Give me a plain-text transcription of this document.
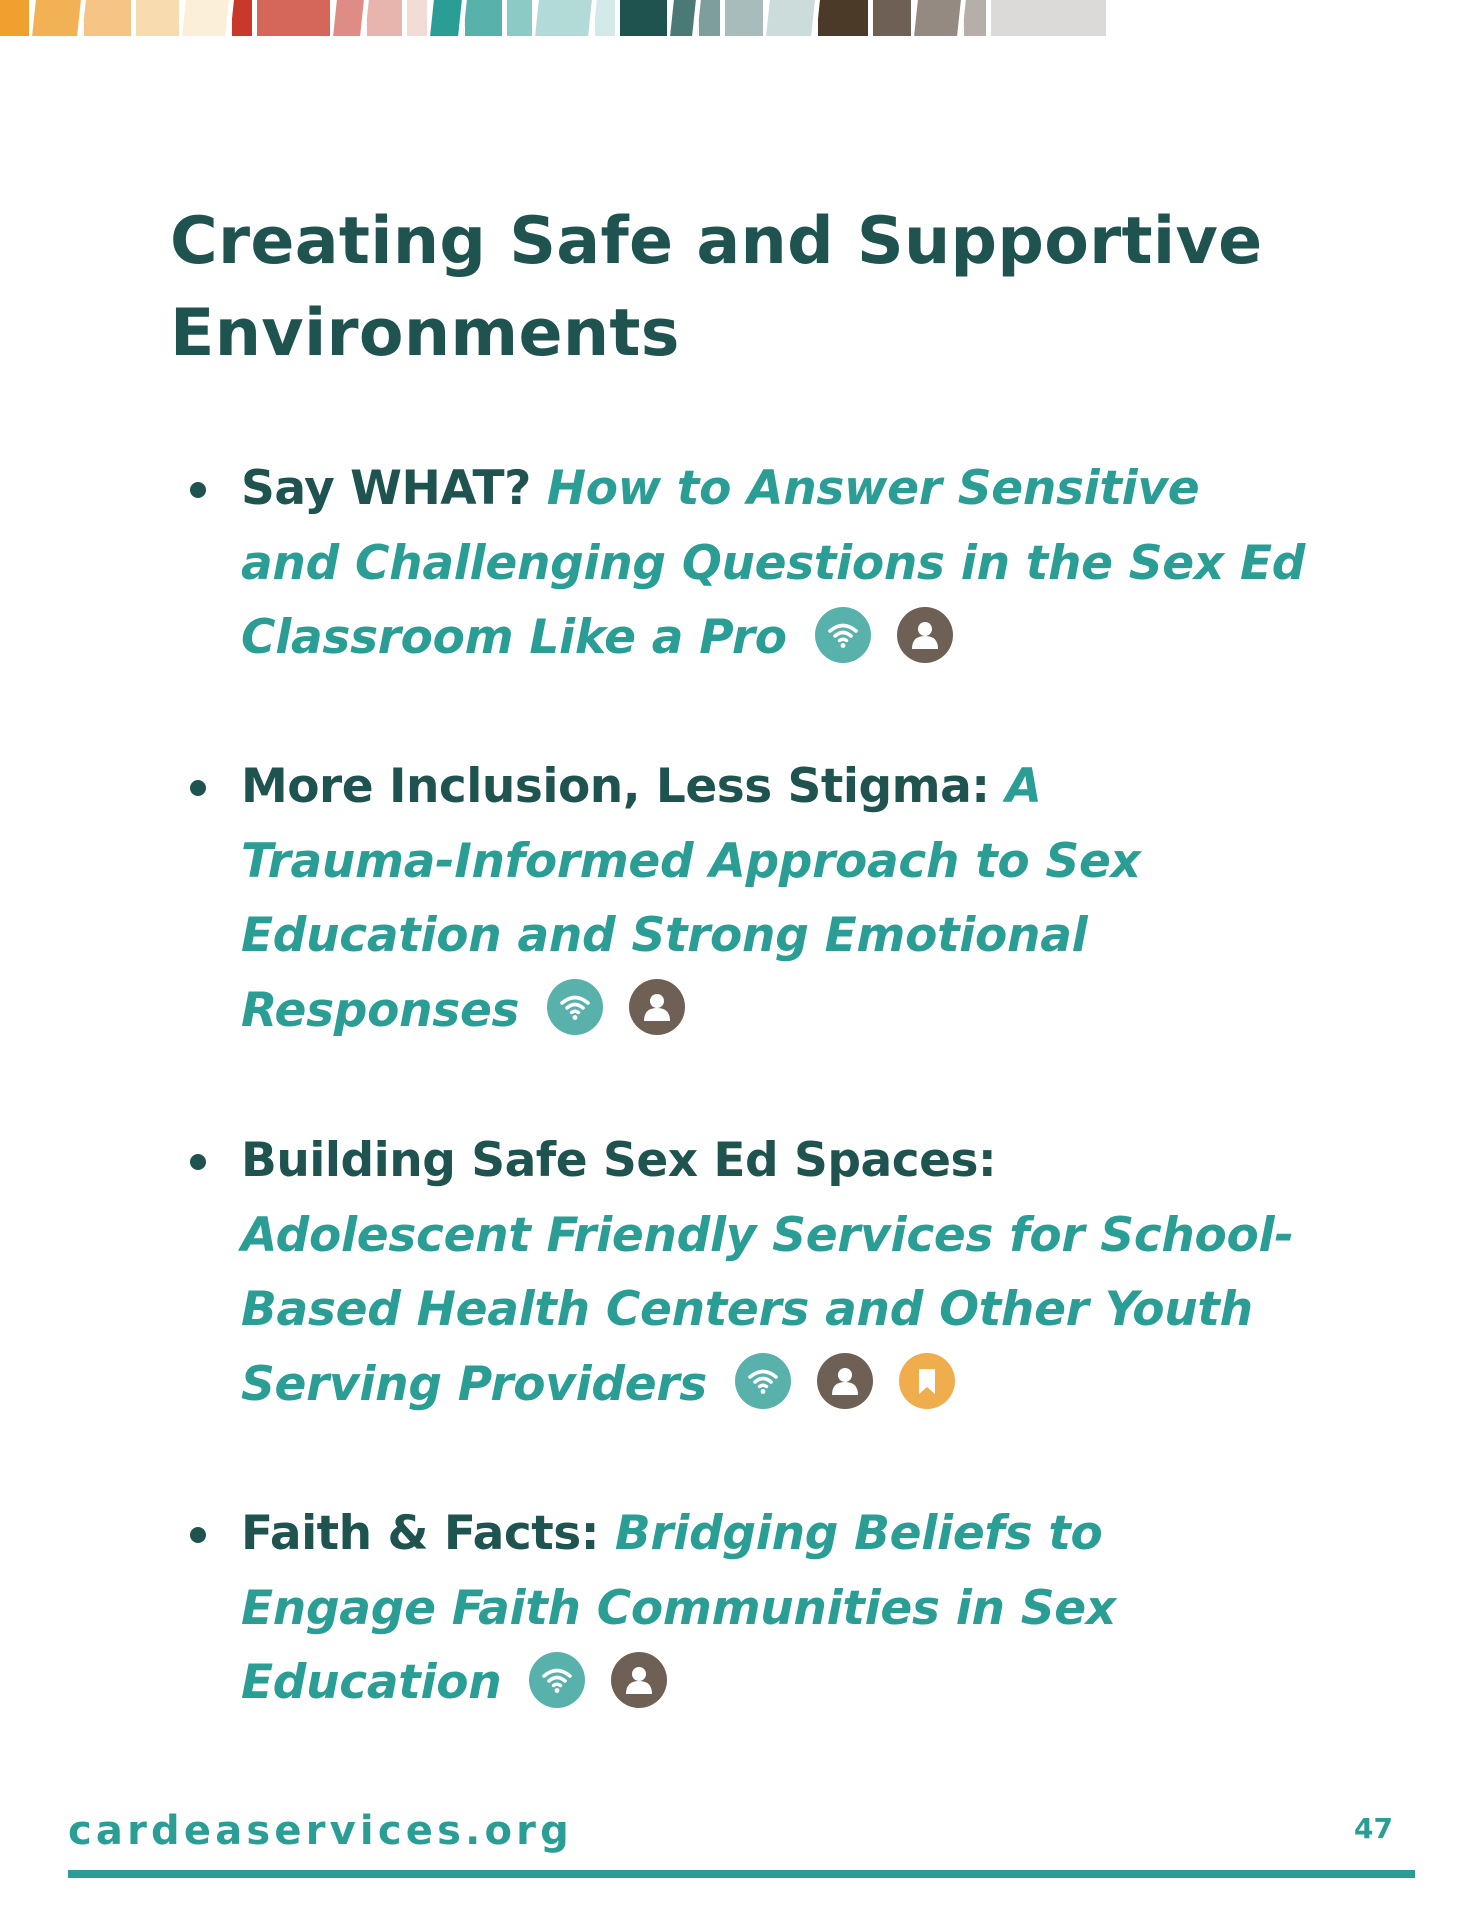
Creating Safe and Supportive
Environments
Say WHAT? How to Answer Sensitive
and Challenging Questions in the Sex Ed
Classroom Like a Pro
More Inclusion, Less Stigma: A
Trauma-Informed Approach to Sex
Education and Strong Emotional
Responses
Building Safe Sex Ed Spaces:
Adolescent Friendly Services for School-
Based Health Centers and Other Youth
Serving Providers
Faith & Facts: Bridging Beliefs to
Engage Faith Communities in Sex
Education
cardeaservices.org	47
